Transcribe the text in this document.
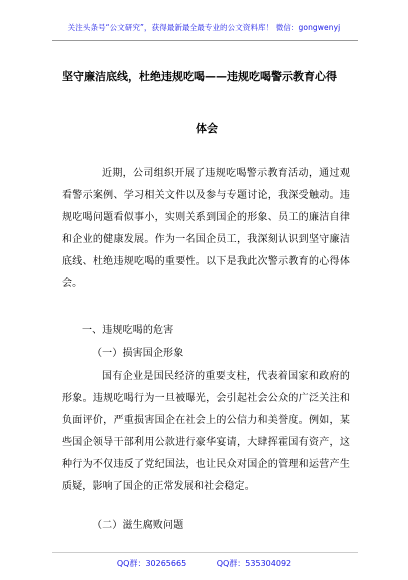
关注头条号“公文研究”，获得最新最全最专业的公文资料库！ 微信：gongwenyj
坚守廉洁底线，杜绝违规吃喝——违规吃喝警示教育心得
体会
近期，公司组织开展了违规吃喝警示教育活动，通过观看警示案例、学习相关文件以及参与专题讨论，我深受触动。违规吃喝问题看似事小，实则关系到国企的形象、员工的廉洁自律和企业的健康发展。作为一名国企员工，我深刻认识到坚守廉洁底线、杜绝违规吃喝的重要性。以下是我此次警示教育的心得体会。
一、违规吃喝的危害
（一）损害国企形象
国有企业是国民经济的重要支柱，代表着国家和政府的形象。违规吃喝行为一旦被曝光，会引起社会公众的广泛关注和负面评价，严重损害国企在社会上的公信力和美誉度。例如，某些国企领导干部利用公款进行豪华宴请，大肆挥霍国有资产，这种行为不仅违反了党纪国法，也让民众对国企的管理和运营产生质疑，影响了国企的正常发展和社会稳定。
（二）滋生腐败问题
QQ群：30265665	QQ群：535304092
